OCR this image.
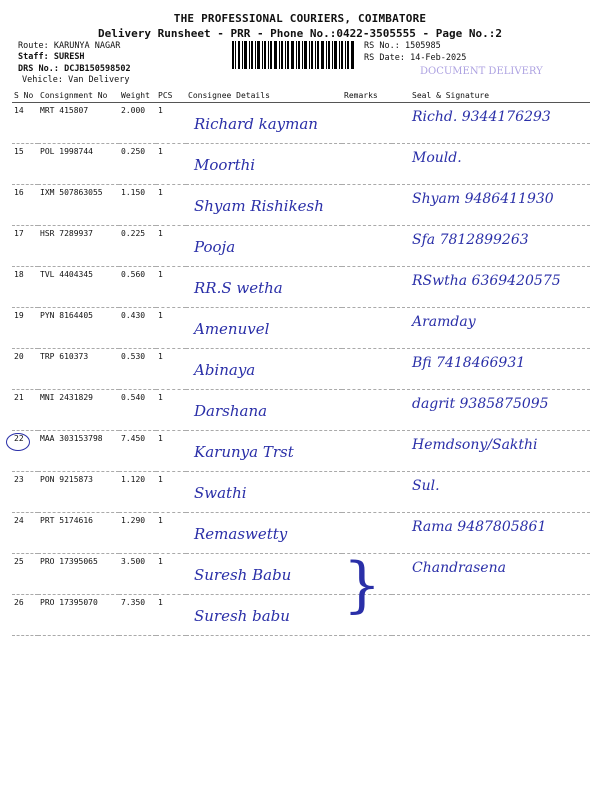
THE PROFESSIONAL COURIERS, COIMBATORE
Delivery Runsheet - PRR - Phone No.:0422-3505555 - Page No.:2
Route: KARUNYA NAGAR
Staff: SURESH
DRS No.: DCJB150598502
Vehicle: Van Delivery
RS No.: 1505985
RS Date: 14-Feb-2025
DOCUMENT DELIVERY
S No	Consignment No	Weight	PCS	Consignee Details	Remarks	Seal & Signature
14	MRT 415807	2.000	1	Richard kayman		Richd. 9344176293

15	POL 1998744	0.250	1	Moorthi		Mould.

16	IXM 507863055	1.150	1	Shyam Rishikesh		Shyam 9486411930

17	HSR 7289937	0.225	1	Pooja		Sfa 7812899263

18	TVL 4404345	0.560	1	RR.S wetha		RSwtha 6369420575

19	PYN 8164405	0.430	1	Amenuvel		Aramday

20	TRP 610373	0.530	1	Abinaya		Bfi 7418466931

21	MNI 2431829	0.540	1	Darshana		dagrit 9385875095

22	MAA 303153798	7.450	1	Karunya Trst		Hemdsony/Sakthi

23	PON 9215873	1.120	1	Swathi		Sul.

24	PRT 5174616	1.290	1	Remaswetty		Rama 9487805861

25	PRO 17395065	3.500	1	Suresh Babu		Chandrasena

26	PRO 17395070	7.350	1	Suresh babu		
		}
